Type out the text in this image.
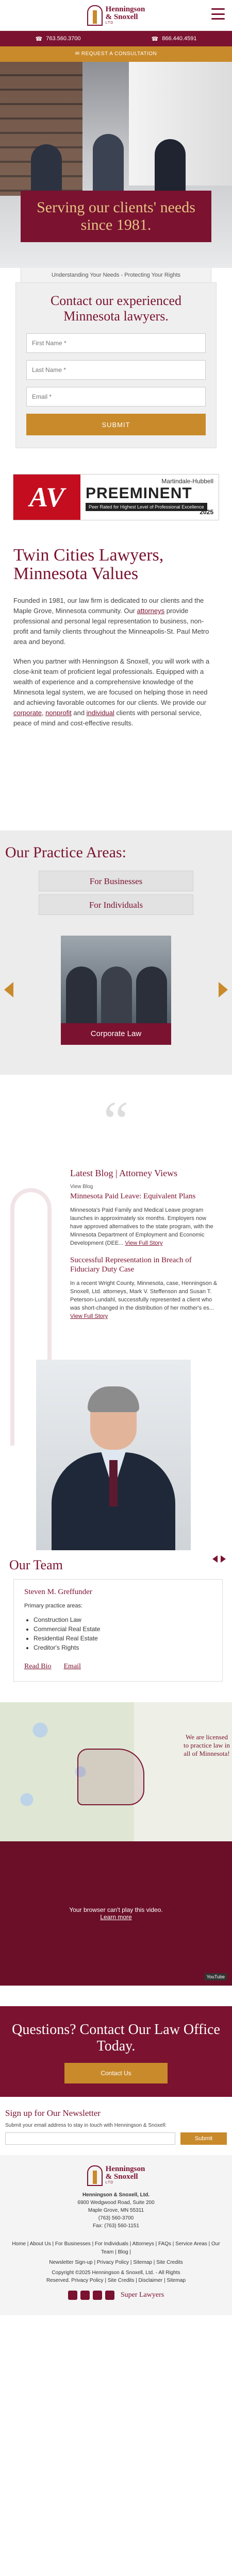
Henningson
& Snoxell
LTD
☎ 763.560.3700	☎ 866.440.4591
✉ REQUEST A CONSULTATION
Serving our clients' needs since 1981.
Understanding Your Needs - Protecting Your Rights
Contact our experienced Minnesota lawyers.
First Name *
Last Name *
Email *
SUBMIT
AV
Martindale-Hubbell
PREEMINENT
Peer Rated for Highest Level of Professional Excellence
2025
Twin Cities Lawyers, Minnesota Values

Founded in 1981, our law firm is dedicated to our clients and the Maple Grove, Minnesota community. Our attorneys provide professional and personal legal representation to business, non-profit and family clients throughout the Minneapolis-St. Paul Metro area and beyond.

When you partner with Henningson & Snoxell, you will work with a close-knit team of proficient legal professionals. Equipped with a wealth of experience and a comprehensive knowledge of the Minnesota legal system, we are focused on helping those in need and achieving favorable outcomes for our clients. We provide our corporate, nonprofit and individual clients with personal service, peace of mind and cost-effective results.

Our Practice Areas:
For Businesses
For Individuals
Corporate Law
“
Latest Blog | Attorney Views
View Blog
Minnesota Paid Leave: Equivalent Plans

Minnesota's Paid Family and Medical Leave program launches in approximately six months. Employers now have approved alternatives to the state program, with the Minnesota Department of Employment and Economic Development (DEE... View Full Story

Successful Representation in Breach of Fiduciary Duty Case

In a recent Wright County, Minnesota, case, Henningson & Snoxell, Ltd. attorneys, Mark V. Steffenson and Susan T. Peterson-Lundahl, successfully represented a client who was short-changed in the distribution of her mother's es... View Full Story

Our Team
Steven M. Greffunder
Primary practice areas:
• Construction Law
• Commercial Real Estate
• Residential Real Estate
• Creditor's Rights
Read Bio Email
We are licensed to practice law in all of Minnesota!
Your browser can't play this video.
Learn more
YouTube
Questions? Contact Our Law Office Today.
Contact Us
Sign up for Our Newsletter

Submit your email address to stay in touch with Henningson & Snoxell:

Submit
Henningson
& Snoxell
LTD
Henningson & Snoxell, Ltd.
6900 Wedgwood Road, Suite 200
Maple Grove, MN 55311
(763) 560-3700
Fax: (763) 560-1151
Home | About Us | For Businesses | For Individuals | Attorneys | FAQs | Service Areas | Our Team | Blog |
Newsletter Sign-up | Privacy Policy | Sitemap | Site Credits
Copyright ©2025 Henningson & Snoxell, Ltd. - All Rights
Reserved. Privacy Policy | Site Credits | Disclaimer | Sitemap
Super Lawyers
